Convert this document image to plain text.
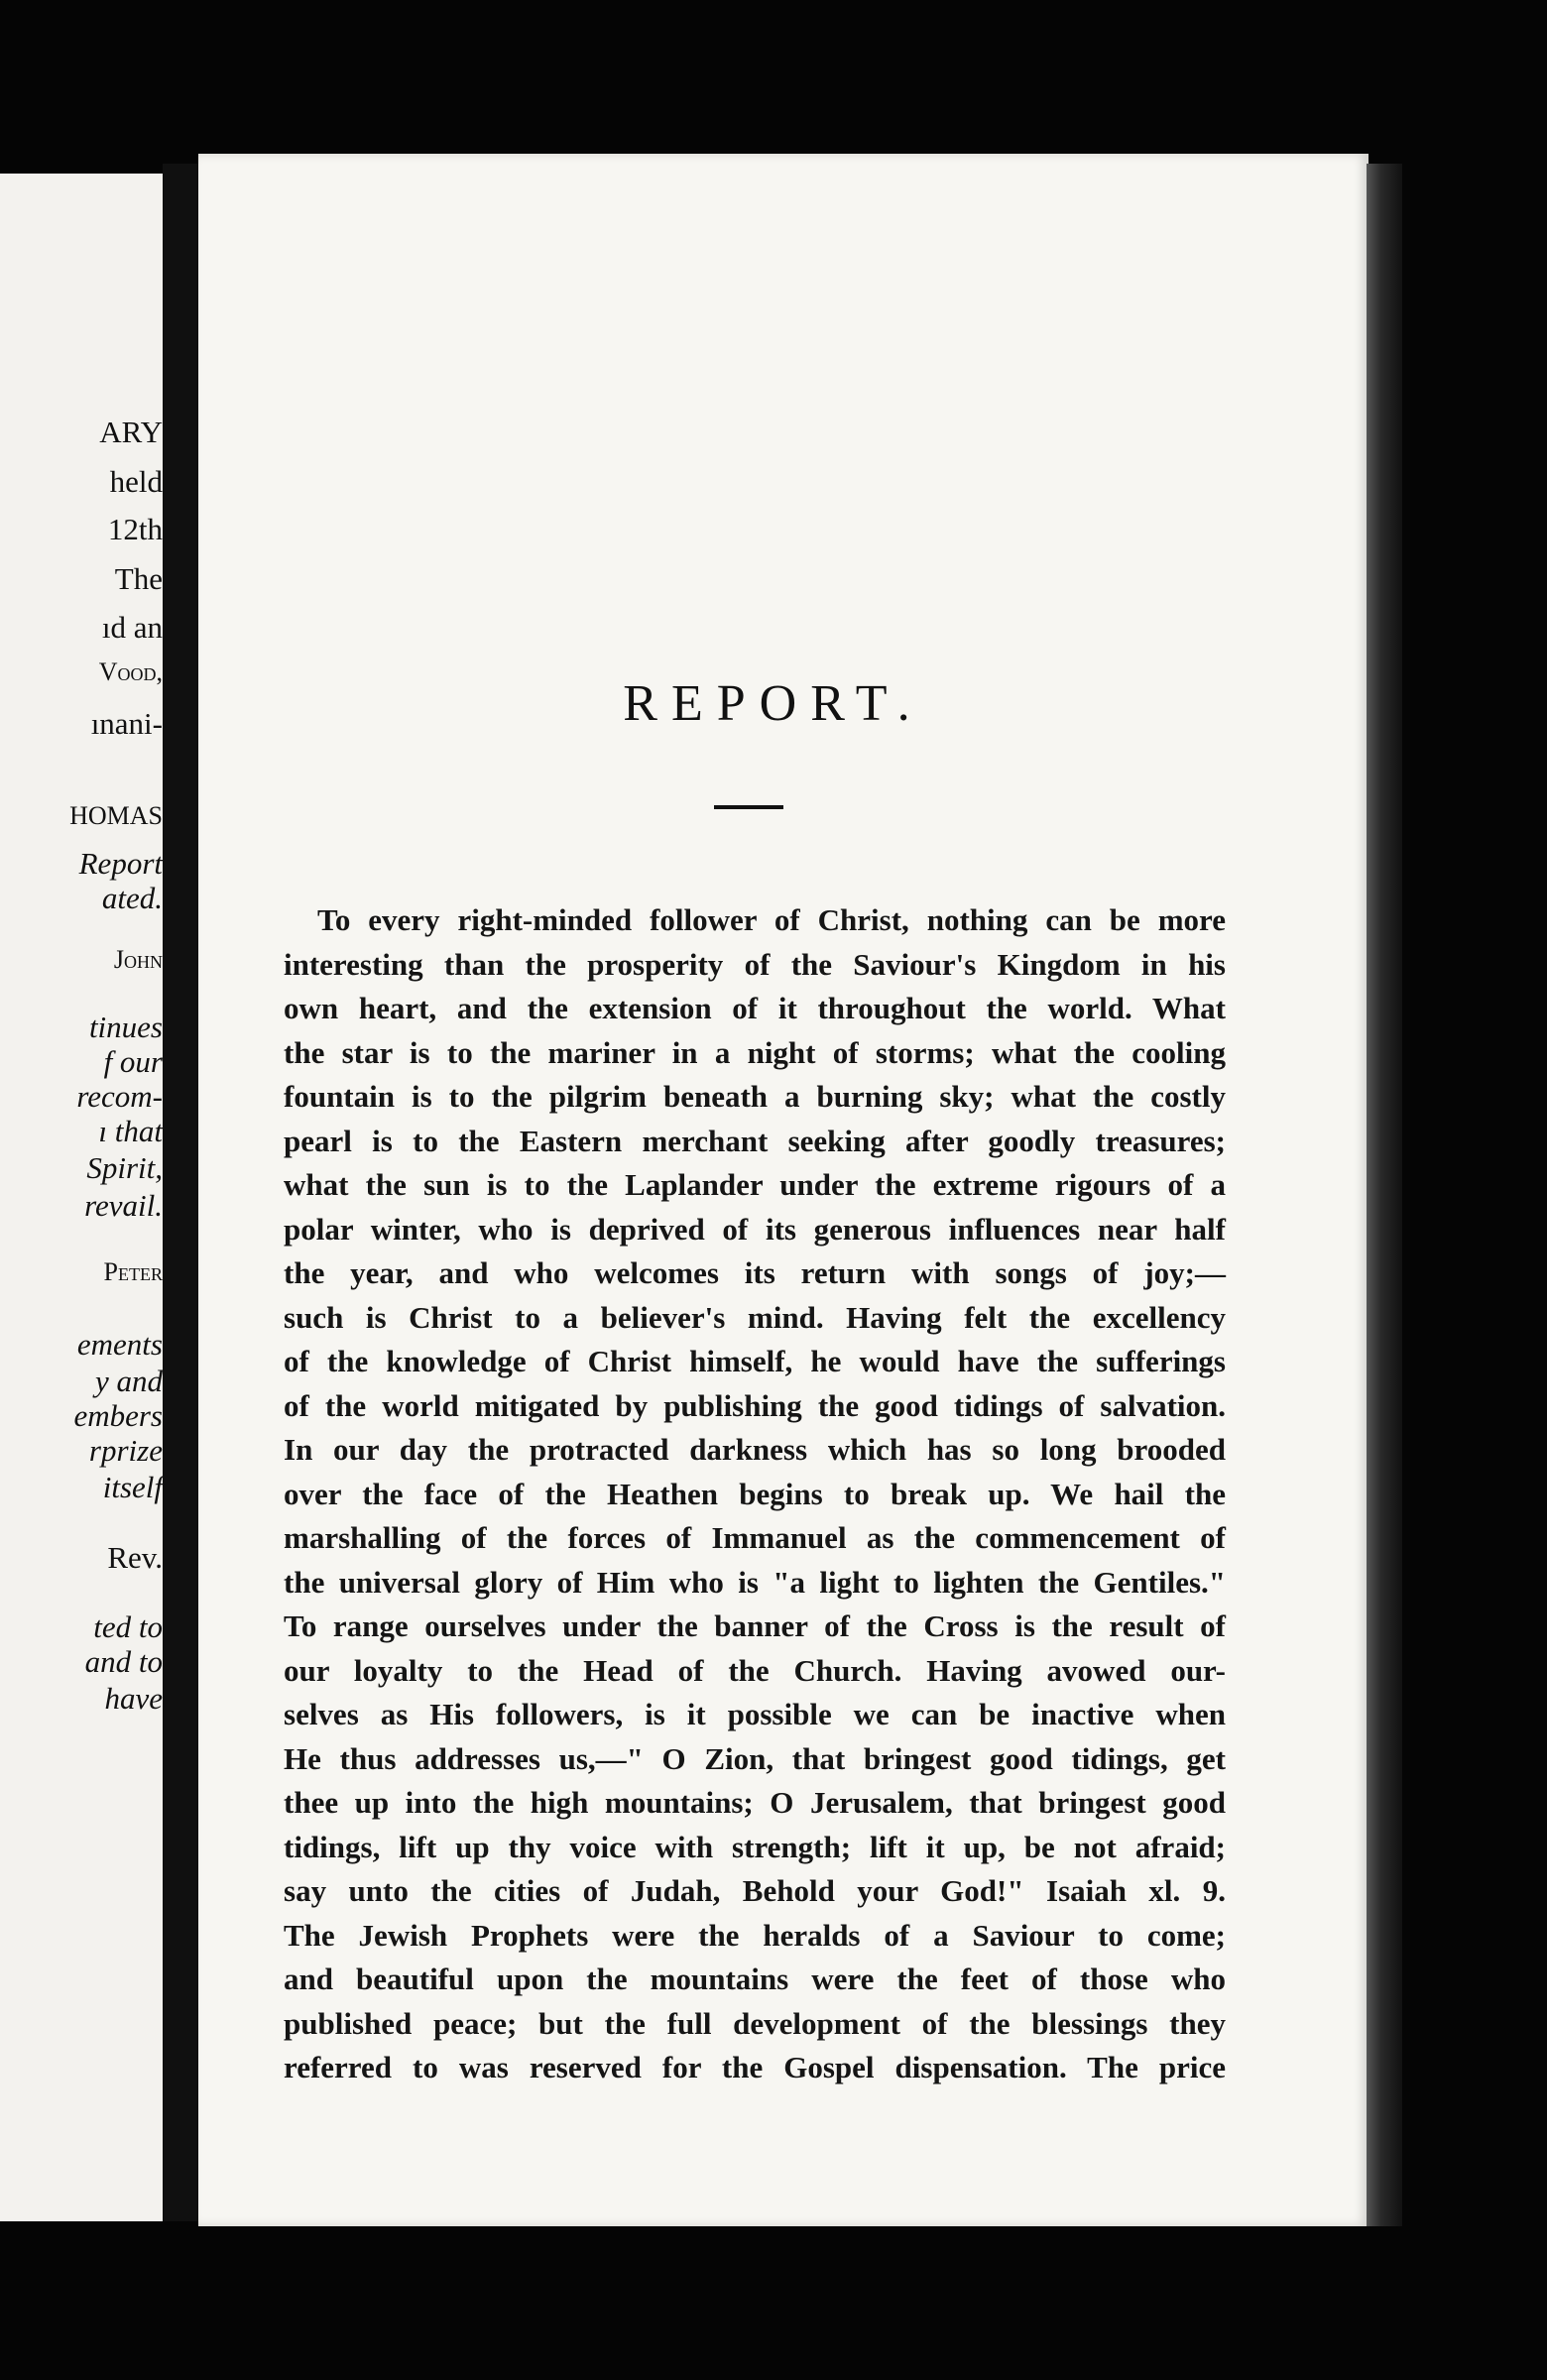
ARY
held
12th
The
ıd an
Vood,
ınani-
HOMAS
Report
ated.
John
tinues
f our
recom-
ı that
Spirit,
revail.
Peter
ements
y and
embers
rprize
itself
Rev.
ted to
and to
have
REPORT.
To every right-minded follower of Christ, nothing can be more
interesting than the prosperity of the Saviour's Kingdom in his
own heart, and the extension of it throughout the world. What
the star is to the mariner in a night of storms; what the cooling
fountain is to the pilgrim beneath a burning sky; what the costly
pearl is to the Eastern merchant seeking after goodly treasures;
what the sun is to the Laplander under the extreme rigours of a
polar winter, who is deprived of its generous influences near half
the year, and who welcomes its return with songs of joy;—
such is Christ to a believer's mind. Having felt the excellency
of the knowledge of Christ himself, he would have the sufferings
of the world mitigated by publishing the good tidings of salvation.
In our day the protracted darkness which has so long brooded
over the face of the Heathen begins to break up. We hail the
marshalling of the forces of Immanuel as the commencement of
the universal glory of Him who is "a light to lighten the Gentiles."
To range ourselves under the banner of the Cross is the result of
our loyalty to the Head of the Church. Having avowed our-
selves as His followers, is it possible we can be inactive when
He thus addresses us,—" O Zion, that bringest good tidings, get
thee up into the high mountains; O Jerusalem, that bringest good
tidings, lift up thy voice with strength; lift it up, be not afraid;
say unto the cities of Judah, Behold your God!" Isaiah xl. 9.
The Jewish Prophets were the heralds of a Saviour to come;
and beautiful upon the mountains were the feet of those who
published peace; but the full development of the blessings they
referred to was reserved for the Gospel dispensation. The price
